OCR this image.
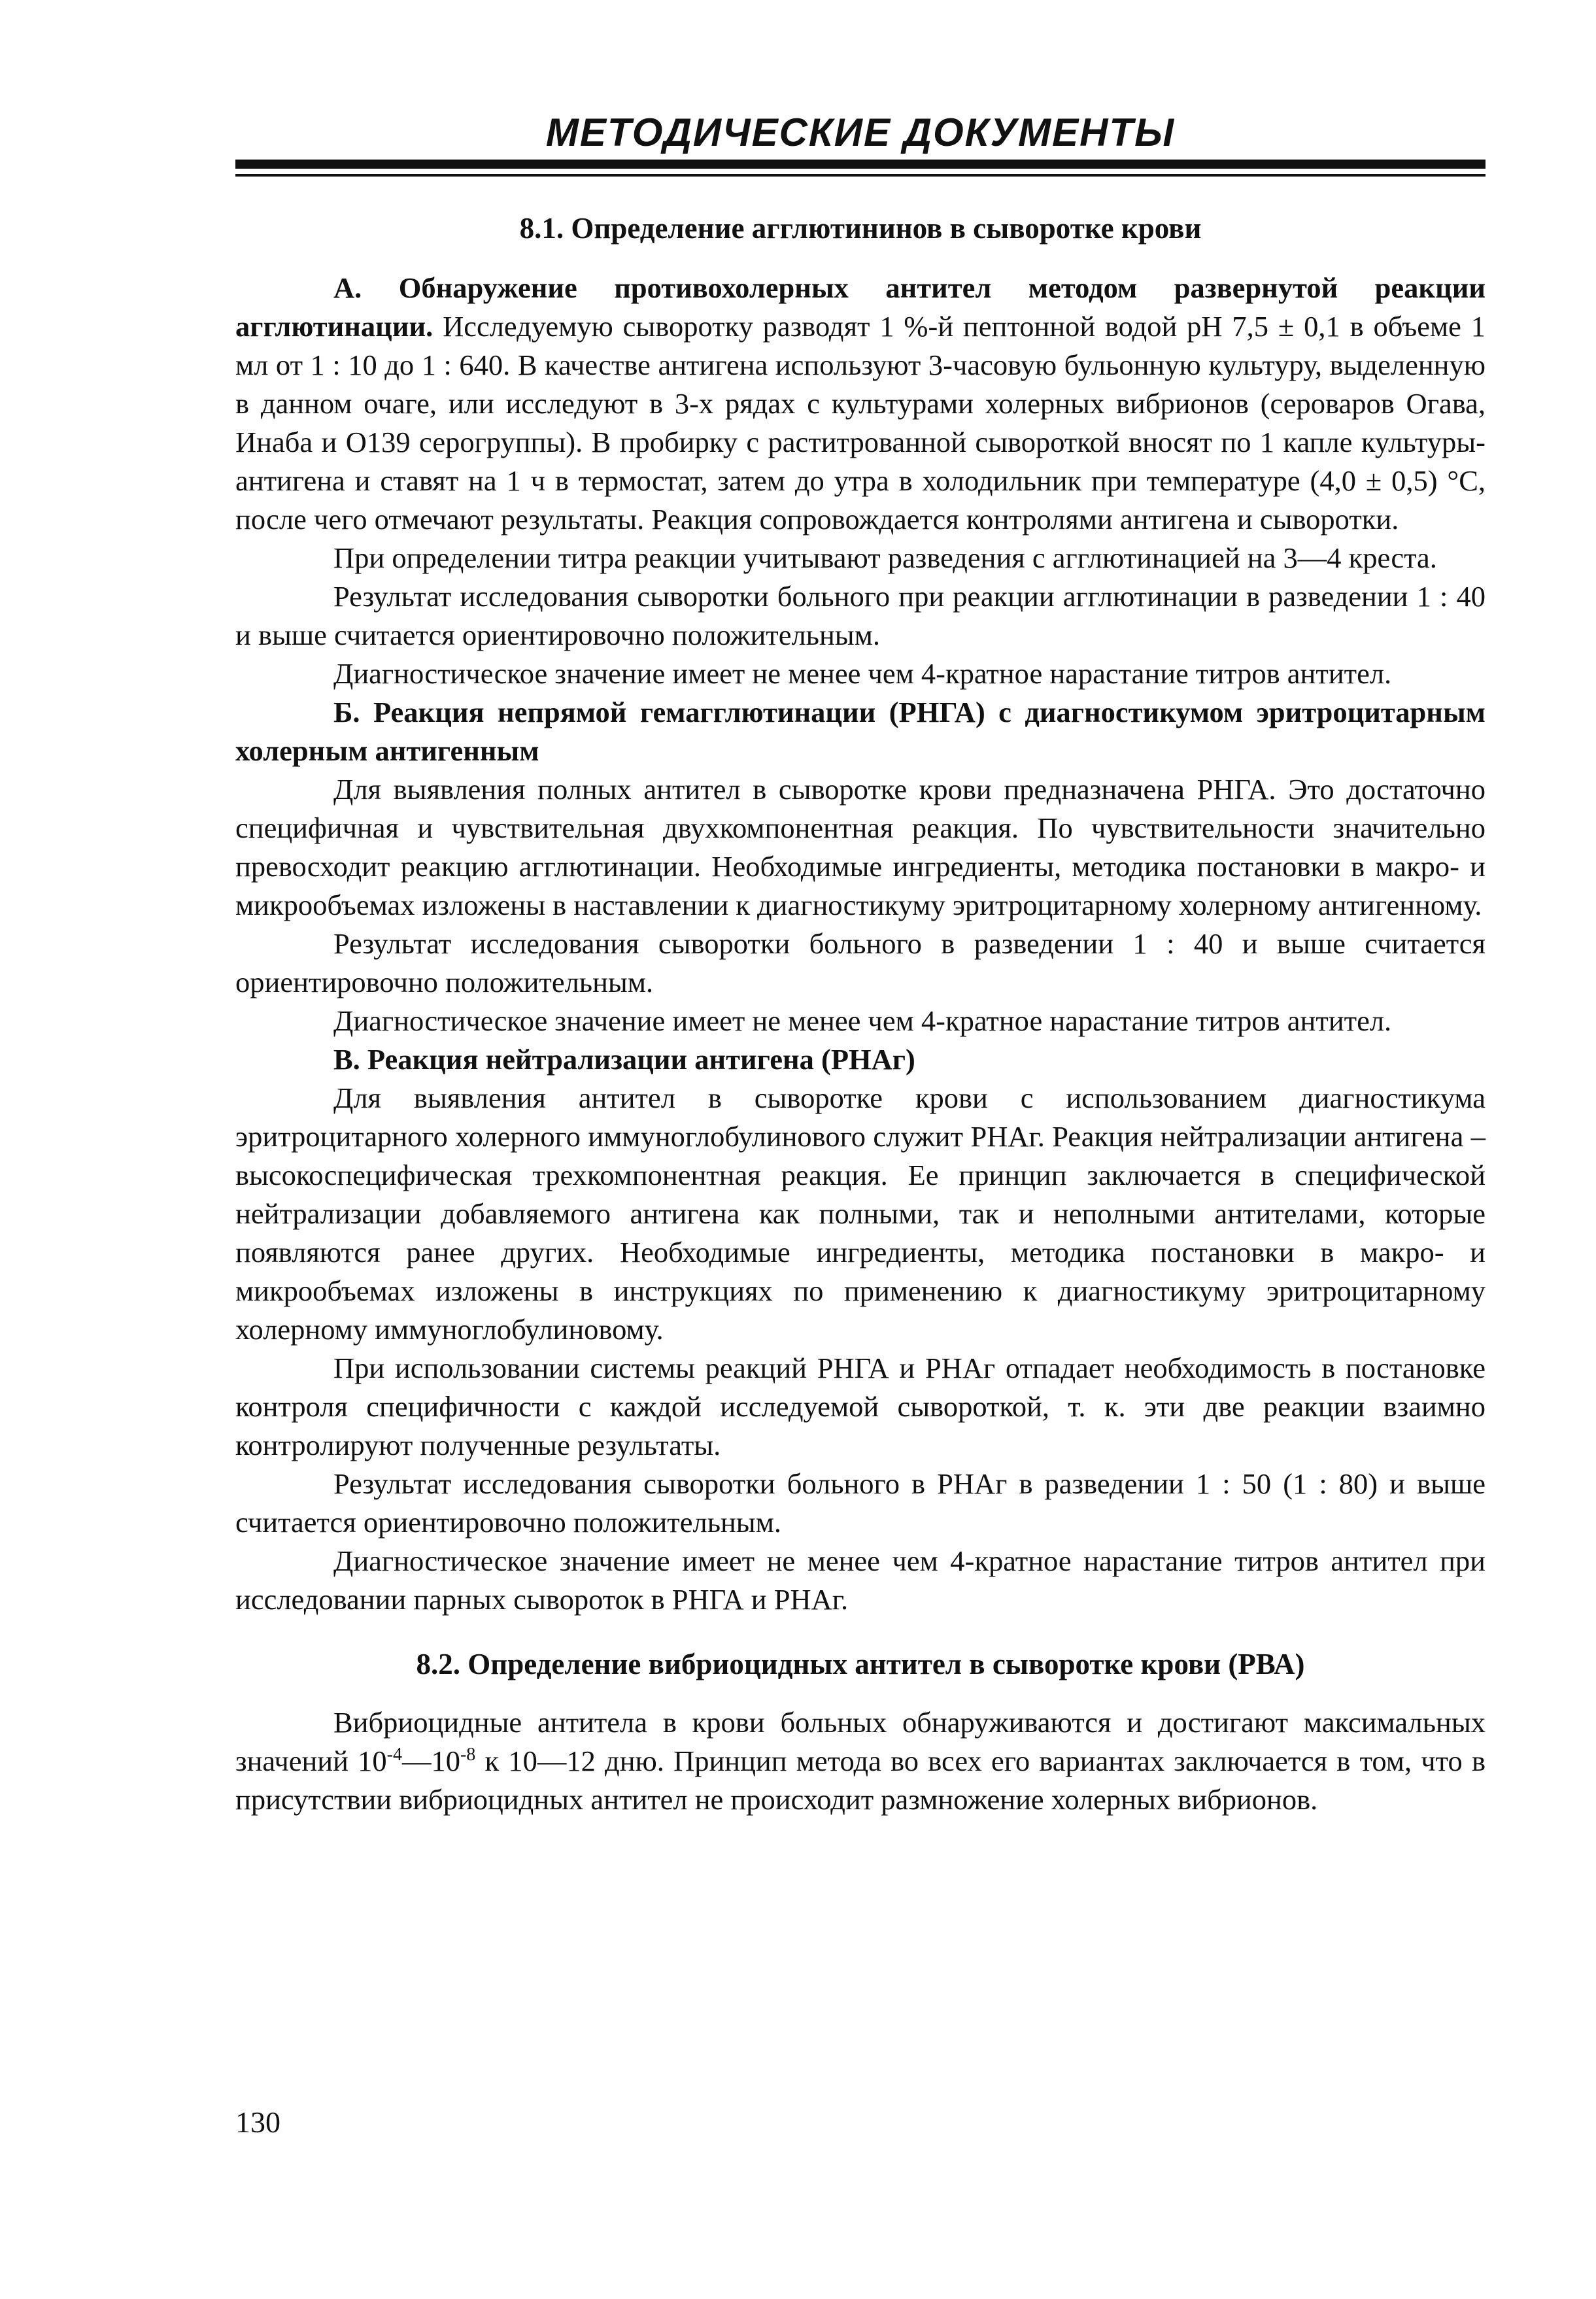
МЕТОДИЧЕСКИЕ ДОКУМЕНТЫ
8.1. Определение агглютининов в сыворотке крови

А. Обнаружение противохолерных антител методом развернутой реакции агглютинации. Исследуемую сыворотку разводят 1 %-й пептонной водой рН 7,5 ± 0,1 в объеме 1 мл от 1 : 10 до 1 : 640. В качестве антигена используют 3-часовую бульонную культуру, выделенную в данном очаге, или исследуют в 3-х рядах с культурами холерных вибрионов (сероваров Огава, Инаба и О139 серогруппы). В пробирку с раститрованной сывороткой вносят по 1 капле культуры-антигена и ставят на 1 ч в термостат, затем до утра в холодильник при температуре (4,0 ± 0,5) °С, после чего отмечают результаты. Реакция сопровождается контролями антигена и сыворотки.

При определении титра реакции учитывают разведения с агглютинацией на 3—4 креста.

Результат исследования сыворотки больного при реакции агглютинации в разведении 1 : 40 и выше считается ориентировочно положительным.

Диагностическое значение имеет не менее чем 4-кратное нарастание титров антител.

Б. Реакция непрямой гемагглютинации (РНГА) с диагностикумом эритроцитарным холерным антигенным

Для выявления полных антител в сыворотке крови предназначена РНГА. Это достаточно специфичная и чувствительная двухкомпонентная реакция. По чувствительности значительно превосходит реакцию агглютинации. Необходимые ингредиенты, методика постановки в макро- и микрообъемах изложены в наставлении к диагностикуму эритроцитарному холерному антигенному.

Результат исследования сыворотки больного в разведении 1 : 40 и выше считается ориентировочно положительным.

Диагностическое значение имеет не менее чем 4-кратное нарастание титров антител.

В. Реакция нейтрализации антигена (РНАг)

Для выявления антител в сыворотке крови с использованием диагностикума эритроцитарного холерного иммуноглобулинового служит РНАг. Реакция нейтрализации антигена – высокоспецифическая трехкомпонентная реакция. Ее принцип заключается в специфической нейтрализации добавляемого антигена как полными, так и неполными антителами, которые появляются ранее других. Необходимые ингредиенты, методика постановки в макро- и микрообъемах изложены в инструкциях по применению к диагностикуму эритроцитарному холерному иммуноглобулиновому.

При использовании системы реакций РНГА и РНАг отпадает необходимость в постановке контроля специфичности с каждой исследуемой сывороткой, т. к. эти две реакции взаимно контролируют полученные результаты.

Результат исследования сыворотки больного в РНАг в разведении 1 : 50 (1 : 80) и выше считается ориентировочно положительным.

Диагностическое значение имеет не менее чем 4-кратное нарастание титров антител при исследовании парных сывороток в РНГА и РНАг.

8.2. Определение вибриоцидных антител в сыворотке крови (РВА)

Вибриоцидные антитела в крови больных обнаруживаются и достигают максимальных значений $10^{-4}—10^{-8}$ к 10—12 дню. Принцип метода во всех его вариантах заключается в том, что в присутствии вибриоцидных антител не происходит размножение холерных вибрионов.

130
